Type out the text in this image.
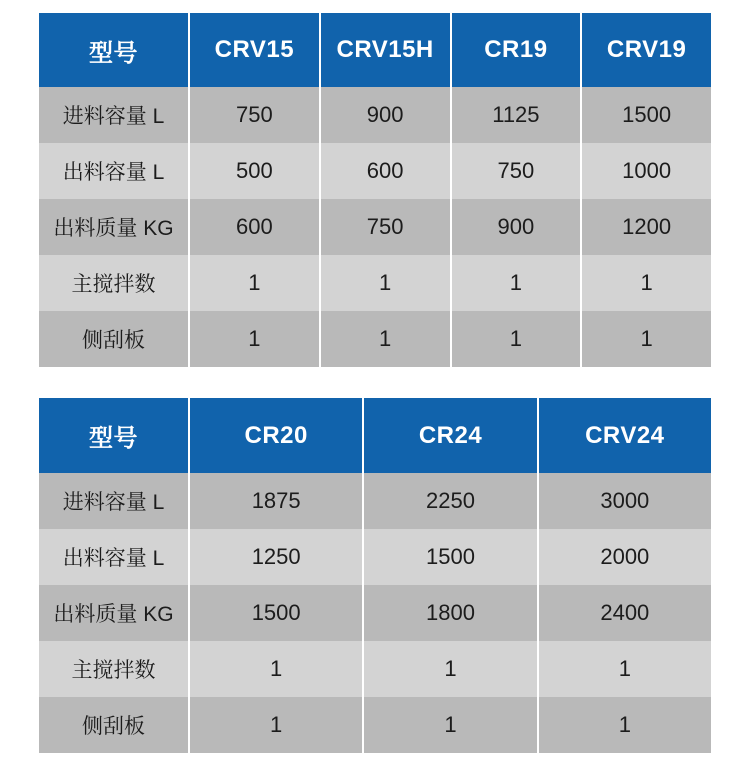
型号	CRV15	CRV15H	CR19	CRV19
进料容量 L	750	900	1125	1500
出料容量 L	500	600	750	1000
出料质量 KG	600	750	900	1200
主搅拌数	1	1	1	1
侧刮板	1	1	1	1
型号	CR20	CR24	CRV24
进料容量 L	1875	2250	3000
出料容量 L	1250	1500	2000
出料质量 KG	1500	1800	2400
主搅拌数	1	1	1
侧刮板	1	1	1
